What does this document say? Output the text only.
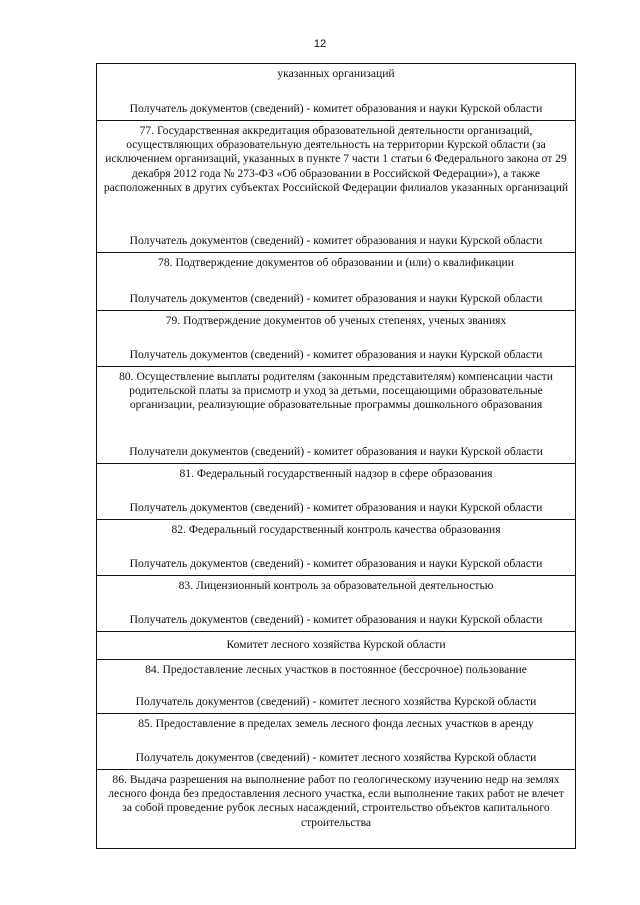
12

указанных организаций

Получатель документов (сведений) - комитет образования и науки Курской области

77. Государственная аккредитация образовательной деятельности организаций, осуществляющих образовательную деятельность на территории Курской области (за исключением организаций, указанных в пункте 7 части 1 статьи 6 Федерального закона от 29 декабря 2012 года № 273-ФЗ «Об образовании в Российской Федерации»), а также расположенных в других субъектах Российской Федерации филиалов указанных организаций

Получатель документов (сведений) - комитет образования и науки Курской области

78. Подтверждение документов об образовании и (или) о квалификации

Получатель документов (сведений) - комитет образования и науки Курской области

79. Подтверждение документов об ученых степенях, ученых званиях

Получатель документов (сведений) - комитет образования и науки Курской области

80. Осуществление выплаты родителям (законным представителям) компенсации части родительской платы за присмотр и уход за детьми, посещающими образовательные организации, реализующие образовательные программы дошкольного образования

Получатели документов (сведений) - комитет образования и науки Курской области

81. Федеральный государственный надзор в сфере образования

Получатель документов (сведений) - комитет образования и науки Курской области

82. Федеральный государственный контроль качества образования

Получатель документов (сведений) - комитет образования и науки Курской области

83. Лицензионный контроль за образовательной деятельностью

Получатель документов (сведений) - комитет образования и науки Курской области

Комитет лесного хозяйства Курской области

84. Предоставление лесных участков в постоянное (бессрочное) пользование

Получатель документов (сведений) - комитет лесного хозяйства Курской области

85. Предоставление в пределах земель лесного фонда лесных участков в аренду

Получатель документов (сведений) - комитет лесного хозяйства Курской области

86. Выдача разрешения на выполнение работ по геологическому изучению недр на землях лесного фонда без предоставления лесного участка, если выполнение таких работ не влечет за собой проведение рубок лесных насаждений, строительство объектов капитального строительства
